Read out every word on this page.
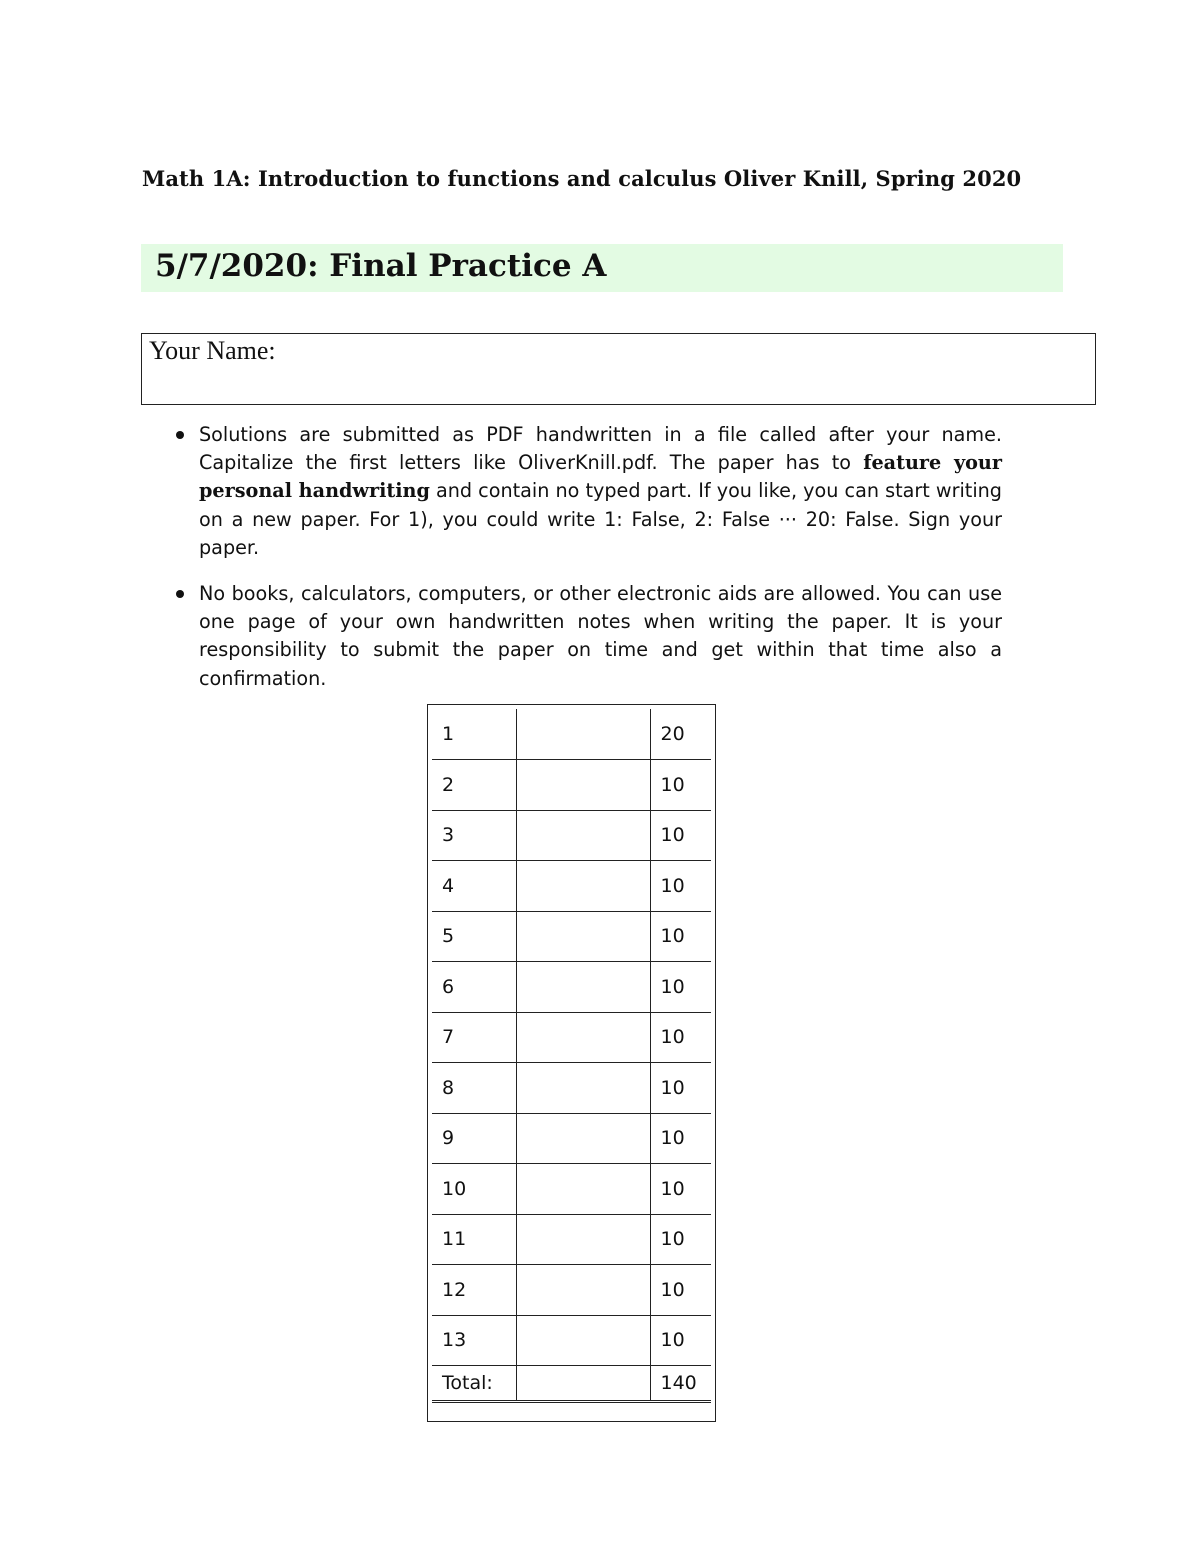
Math 1A: Introduction to functions and calculus Oliver Knill, Spring 2020
5/7/2020: Final Practice A
Your Name:
Solutions are submitted as PDF handwritten in a file called after your name. Capitalize the first letters like OliverKnill.pdf. The paper has to feature your personal handwriting and contain no typed part. If you like, you can start writing on a new paper. For 1), you could write 1: False, 2: False ··· 20: False. Sign your paper.
No books, calculators, computers, or other electronic aids are allowed. You can use one page of your own handwritten notes when writing the paper. It is your responsibility to submit the paper on time and get within that time also a confirmation.
1		20
2		10
3		10
4		10
5		10
6		10
7		10
8		10
9		10
10		10
11		10
12		10
13		10
Total:		140
